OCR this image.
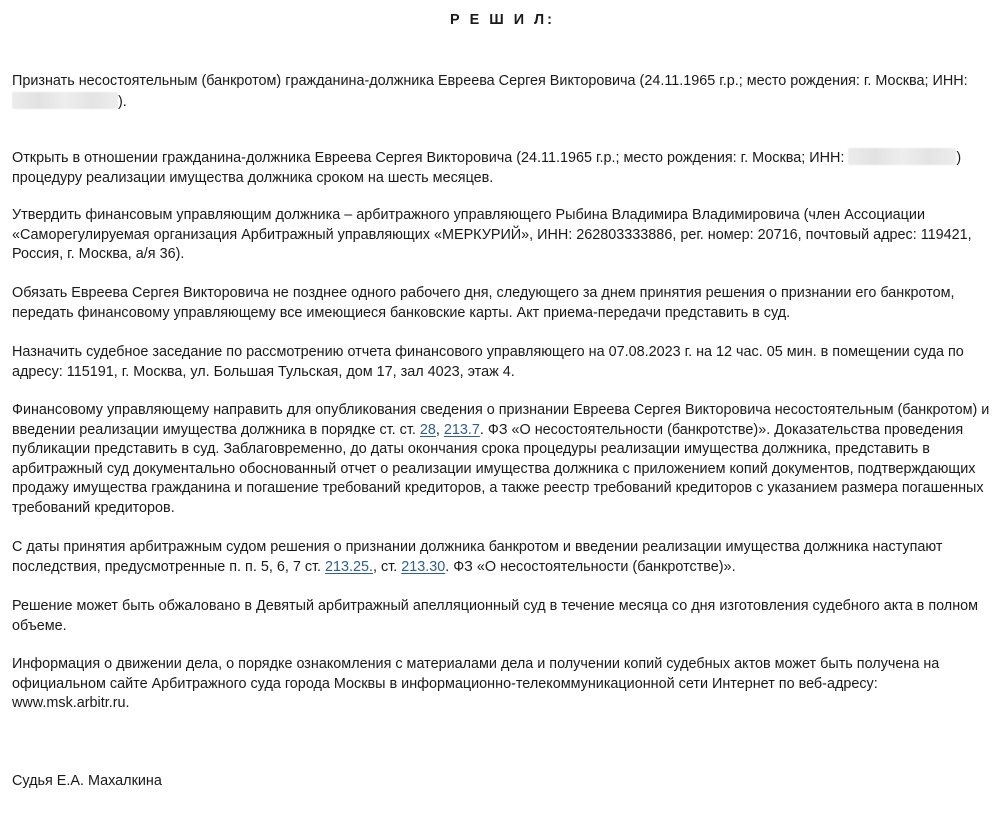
Р Е Ш И Л:

Признать несостоятельным (банкротом) гражданина-должника Евреева Сергея Викторовича (24.11.1965 г.р.; место рождения: г. Москва; ИНН: ).

Открыть в отношении гражданина-должника Евреева Сергея Викторовича (24.11.1965 г.р.; место рождения: г. Москва; ИНН:	) процедуру реализации имущества должника сроком на шесть месяцев.

Утвердить финансовым управляющим должника – арбитражного управляющего Рыбина Владимира Владимировича (член Ассоциации «Саморегулируемая организация Арбитражный управляющих «МЕРКУРИЙ», ИНН: 262803333886, рег. номер: 20716, почтовый адрес: 119421, Россия, г. Москва, а/я 36).

Обязать Евреева Сергея Викторовича не позднее одного рабочего дня, следующего за днем принятия решения о признании его банкротом, передать финансовому управляющему все имеющиеся банковские карты. Акт приема-передачи представить в суд.

Назначить судебное заседание по рассмотрению отчета финансового управляющего на 07.08.2023 г. на 12 час. 05 мин. в помещении суда по адресу: 115191, г. Москва, ул. Большая Тульская, дом 17, зал 4023, этаж 4.

Финансовому управляющему направить для опубликования сведения о признании Евреева Сергея Викторовича несостоятельным (банкротом) и введении реализации имущества должника в порядке ст. ст. 28, 213.7. ФЗ «О несостоятельности (банкротстве)». Доказательства проведения публикации представить в суд. Заблаговременно, до даты окончания срока процедуры реализации имущества должника, представить в арбитражный суд документально обоснованный отчет о реализации имущества должника с приложением копий документов, подтверждающих продажу имущества гражданина и погашение требований кредиторов, а также реестр требований кредиторов с указанием размера погашенных требований кредиторов.

С даты принятия арбитражным судом решения о признании должника банкротом и введении реализации имущества должника наступают последствия, предусмотренные п. п. 5, 6, 7 ст. 213.25., ст. 213.30. ФЗ «О несостоятельности (банкротстве)».

Решение может быть обжаловано в Девятый арбитражный апелляционный суд в течение месяца со дня изготовления судебного акта в полном объеме.

Информация о движении дела, о порядке ознакомления с материалами дела и получении копий судебных актов может быть получена на официальном сайте Арбитражного суда города Москвы в информационно-телекоммуникационной сети Интернет по веб-адресу: www.msk.arbitr.ru.

Судья Е.А. Махалкина
